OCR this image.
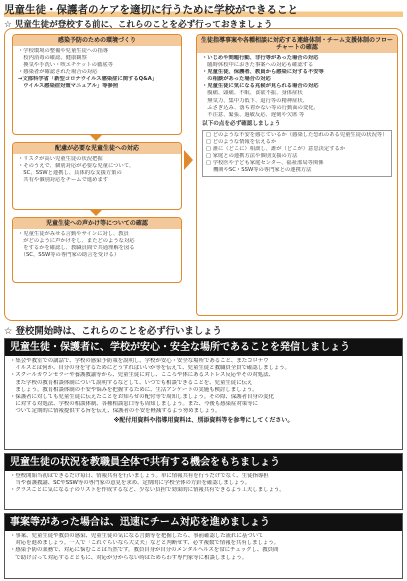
児童生徒・保護者のケアを適切に行うために学校ができること
☆ 児童生徒が登校する前に、これらのことを必ず行っておきましょう
感染予防のための環境づくり
・学校環境の整備や児童生徒への指導
　校内消毒の確認、健康観察
　換気や手洗い・咳エチケットの徹底等
・感染者が確認された場合の対応
→文部科学省「新型コロナウイルス感染症に関するQ&A」
　ウイルス感染症対策マニュアル」等参照
配慮が必要な児童生徒への対応
・リスクが高い児童生徒の状況把握
・そのうえで、個別対応が必要な児童について、
　SC、SSWと連携し、具体的な支援方策の
　共有や個別対応をチームで進めます
児童生徒への声かけ等についての確認
・児童生徒がみせる言動やサインに対し、教員
　がどのように声かけをし、またどのような対応
　をするかを確認し、教職員間で共通理解を図る
　（SC、SSW等の専門家の助言を受ける）
生徒指導事案や各種相談に対応する連絡体制・チーム支援体制のフローチャートの確認
・いじめや問題行動、非行等があった場合の対応
　臨時休校中におきた事案への対応も確認する
・児童生徒、保護者、教員から感染に対する不安等
　の相談があった場合の対応
・児童生徒に気になる兆候が見られる場合の対応
　腹痛、頭痛、不眠、食欲不振、身体症状
　無気力、集中力低下、退行等の精神症状、
　ふさぎ込み、落ち着かない等の行動面の変化、
　不注意、緊張、過敏反応、遅刻や欠席 等
以下の点を必ず確認しましょう
□ どのような不安を感じているか（感染した恐れのある児童生徒の状況等）
□ どのような情報を伝えるか
□ 誰に（どこに）相談し、誰が（どこが）意思決定するか
□ 家庭との連携方法や個別支援の方法
□ 学校医や子ども家庭センター、福祉部局等関係
　 機関やSC・SSW等の専門家との連携方法
☆ 登校開始時は、これらのことを必ず行いましょう
児童生徒・保護者に、学校が安心・安全な場所であることを発信しましょう
・集会や教室での講話で、学校の感染予防策を説明し、学校が安心・安全な場所であること、またコロナウ
　イルスとは何か、自分の身を守るためにどうすればいいか等を伝えて、児童生徒と教職員全員で確認しましょう。
・スクールカウンセラーや養護教諭等から、児童生徒に対し、こころや体にあるストレス反応やその対処法、
　また学校の教育相談体制について説明するなどして、いつでも相談できることを、児童生徒に伝え
　ましょう。教育相談体制の不安や悩みを把握するために、生活アンケートの実施も検討しましょう。
・保護者に対しても児童生徒に伝えたことをお知らせの配付等で周知しましょう。その際、保護者自身の変化
　に対する対処法、学校の相談体制、各種相談窓口等も周知しましょう。また、今後も感染症対策等に
　ついて定期的に情報提供する旨を伝え、保護者の不安を軽減するよう努めましょう。
※配付用資料や指導用資料は、別添資料等を参考にしてください。
児童生徒の状況を教職員全体で共有する機会をもちましょう
・登校開始当初はできるだけ毎日、情報共有を行いましょう。単に情報共有を行うだけでなく、生徒指導担
　当や養護教諭、SCやSSW等の専門家の意見を求め、定期的に学校全体の方針を確認しましょう。
・クラスごとに気になる子のリストを作成するなど、少ない負担で効果的に情報共有できるよう工夫しましょう。
事案等があった場合は、迅速にチーム対応を進めましょう
・事案、児童生徒や教員の感染、児童生徒の気になる言動等を把握したら、事前確認した流れに基づいて
　対応を進めましょう。一人で「これぐらいなら大丈夫」などと判断せず、必ず複数で情報を共有しましょう。
・感染予防の業務で、対応に悩むことは当然です。教員自身が自分のメンタルヘルスを常にチェックし、教員間
　で助け合って対応するとともに、対応が分からない時はためらわず専門家等に相談しましょう。
